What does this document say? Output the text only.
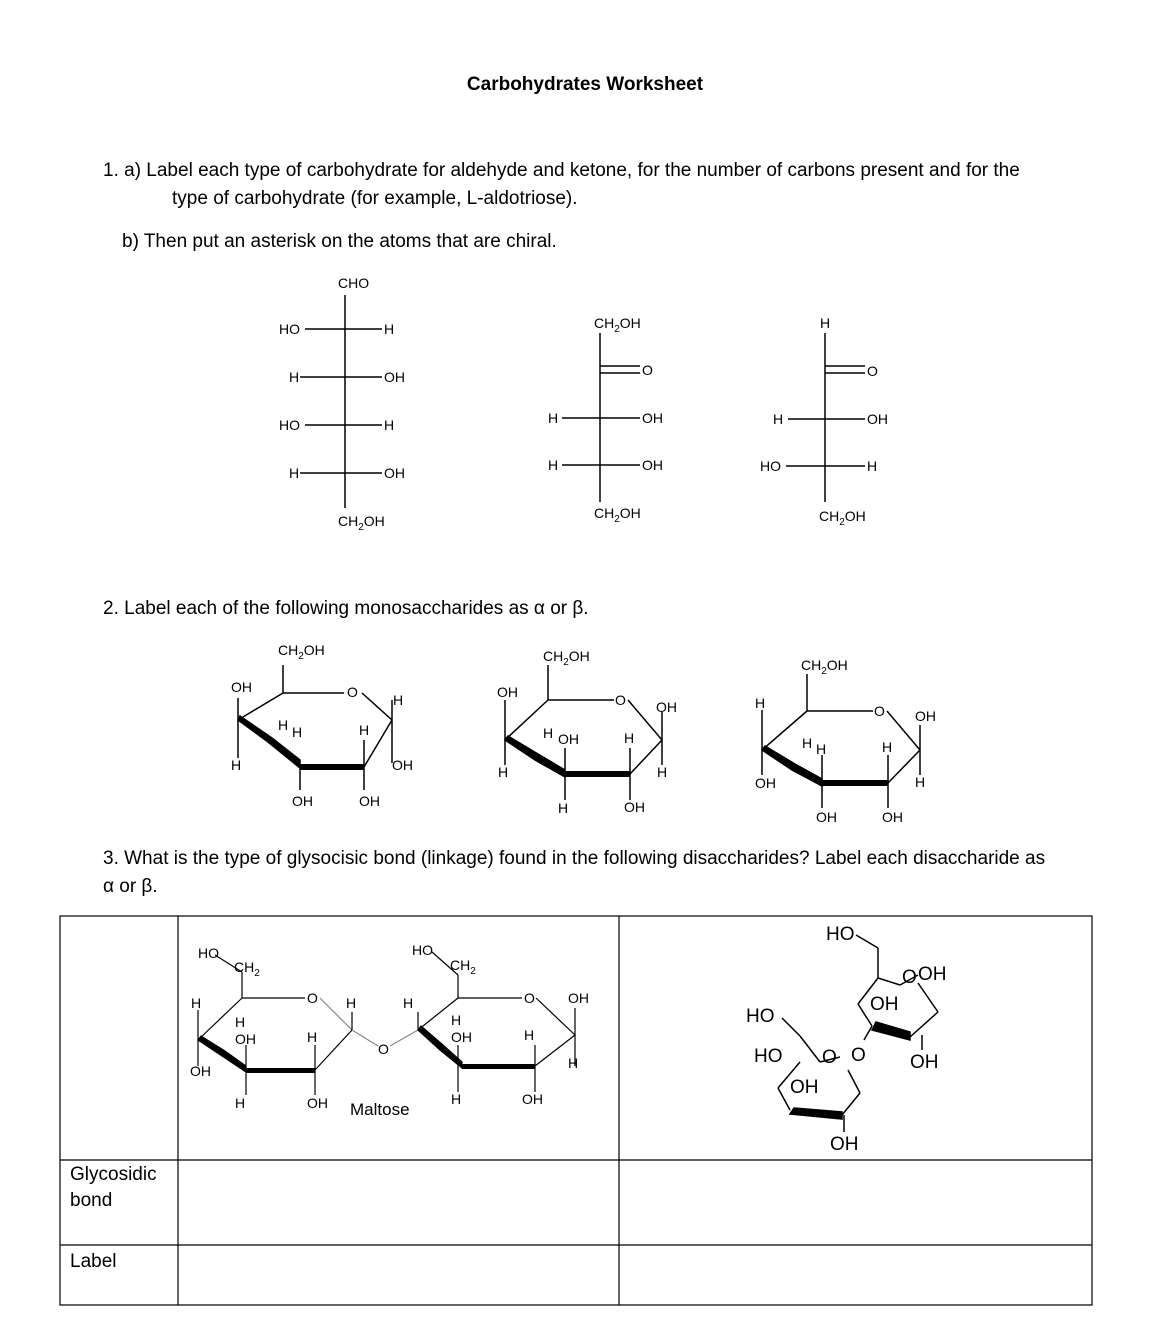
Carbohydrates Worksheet
1. a) Label each type of carbohydrate for aldehyde and ketone, for the number of carbons present and for the
type of carbohydrate (for example, L-aldotriose).
b) Then put an asterisk on the atoms that are chiral.
2. Label each of the following monosaccharides as α or β.
3. What is the type of glysocisic bond (linkage) found in the following disaccharides? Label each disaccharide as
α or β.
CHO
HO	H
H	OH
HO	H
H	OH
$CH_2OH$
$CH_2OH$
O
H	OH
H	OH
$CH_2OH$
H
O
H	OH
HO	H
$CH_2OH$
$CH_2OH$
OH	O	H
H H	H
H	OH
OH	OH
$CH_2OH$
OH	O OH
H OH	H
H	H
H	OH
$CH_2OH$
H	O OH
H H	H
OH	H
OH	OH
HO
$CH_2$
HO
$CH_2$
O	O
O
H	H	H	OH
H
OH	H
H
OH	H
OH	H
H	OH	H	OH
Maltose
HO
O OH
OH
HO
O
HO O	OH
OH
OH
Glycosidic bond
Label
